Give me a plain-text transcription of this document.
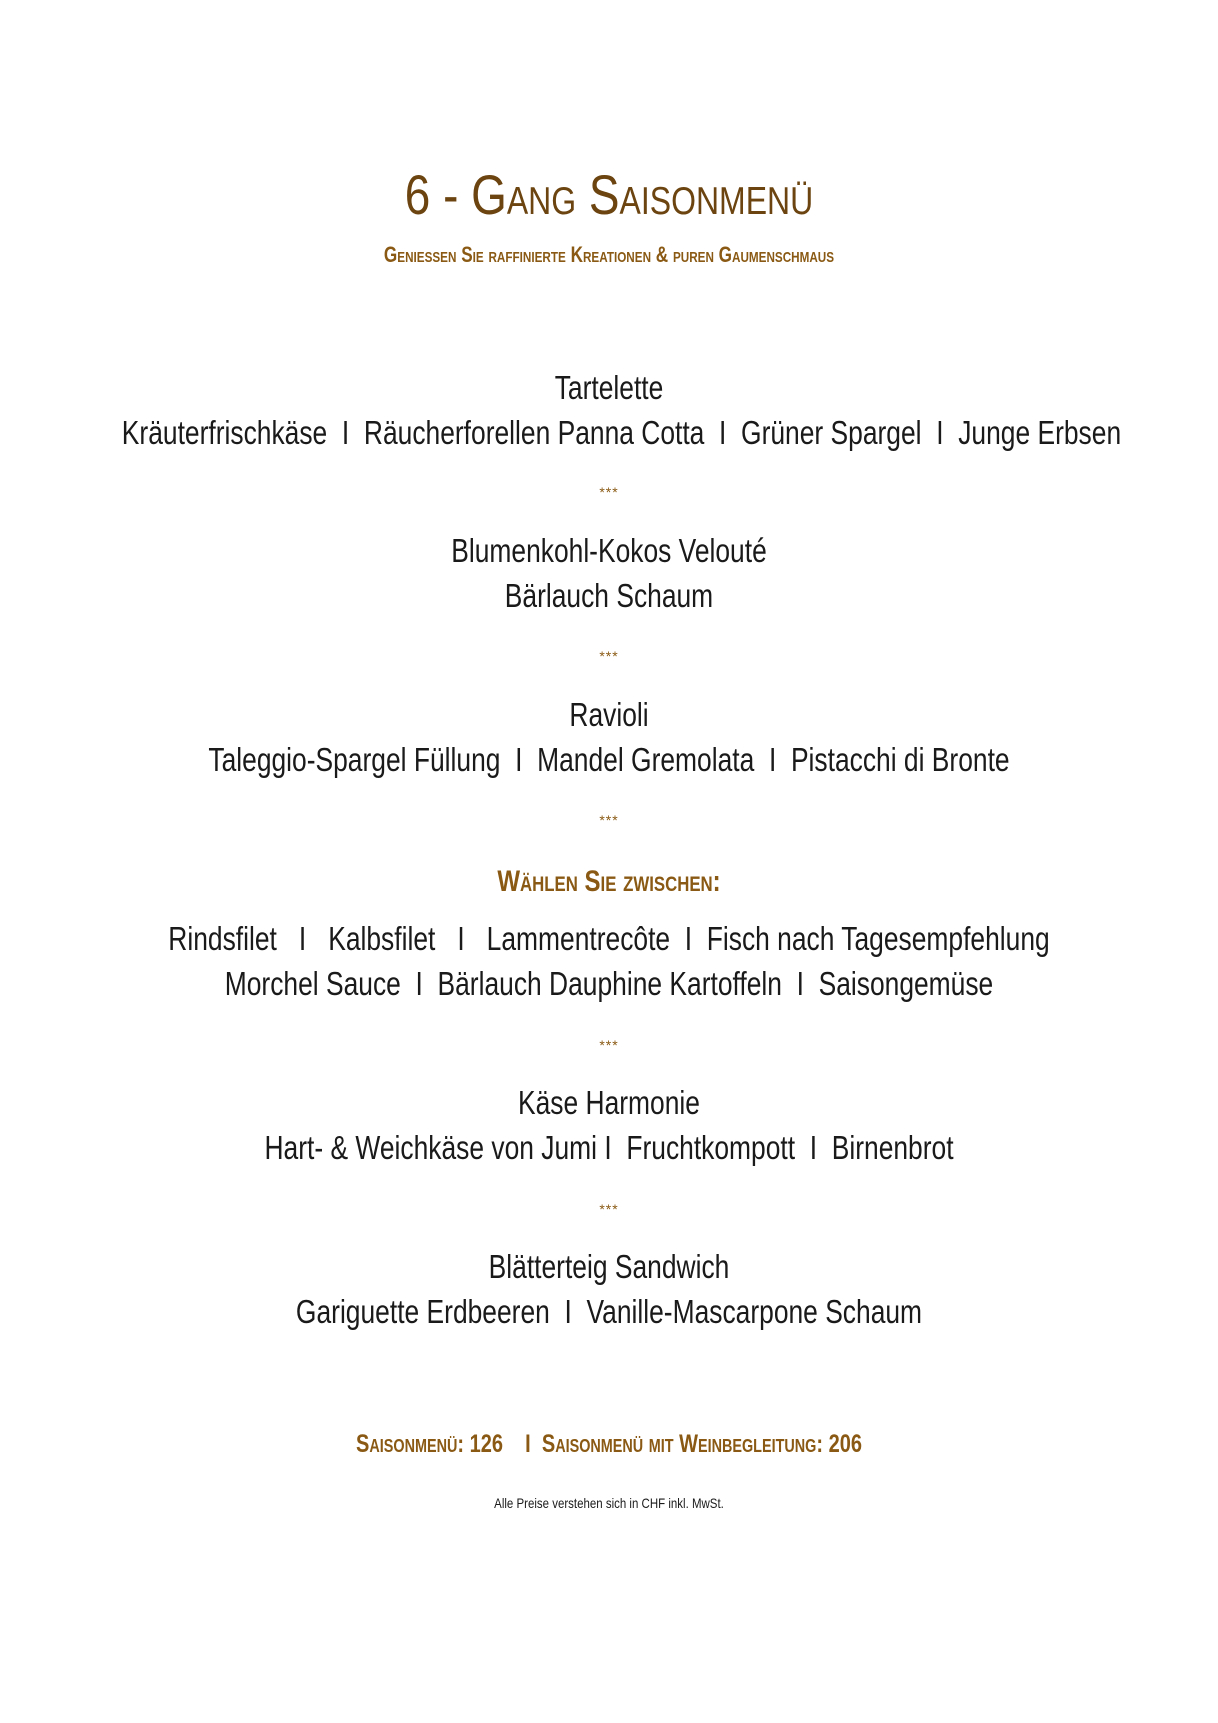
6 - Gang Saisonmenü
Geniessen Sie raffinierte Kreationen & puren Gaumenschmaus
Tartelette
Kräuterfrischkäse  I  Räucherforellen Panna Cotta  I  Grüner Spargel  I  Junge Erbsen
***
Blumenkohl-Kokos Velouté
Bärlauch Schaum
***
Ravioli
Taleggio-Spargel Füllung  I  Mandel Gremolata  I  Pistacchi di Bronte
***
Wählen Sie zwischen:
Rindsfilet   I   Kalbsfilet   I   Lammentrecôte  I  Fisch nach Tagesempfehlung
Morchel Sauce  I  Bärlauch Dauphine Kartoffeln  I  Saisongemüse
***
Käse Harmonie
Hart- & Weichkäse von Jumi I  Fruchtkompott  I  Birnenbrot
***
Blätterteig Sandwich
Gariguette Erdbeeren  I  Vanille-Mascarpone Schaum
Saisonmenü: 126    I  Saisonmenü mit Weinbegleitung: 206
Alle Preise verstehen sich in CHF inkl. MwSt.
